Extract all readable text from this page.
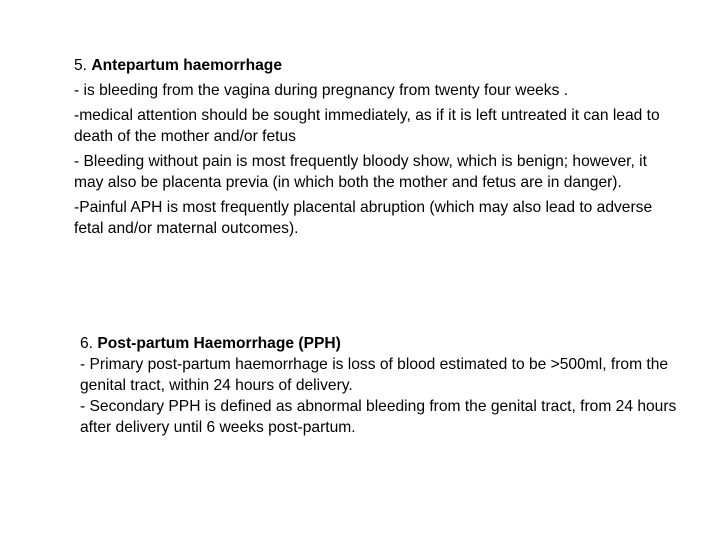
5. Antepartum haemorrhage

- is bleeding from the vagina during pregnancy from twenty four weeks .

-medical attention should be sought immediately, as if it is left untreated it can lead to death of the mother and/or fetus

- Bleeding without pain is most frequently bloody show, which is benign; however, it may also be placenta previa (in which both the mother and fetus are in danger).

-Painful APH is most frequently placental abruption (which may also lead to adverse fetal and/or maternal outcomes).

6. Post-partum Haemorrhage (PPH)

- Primary post-partum haemorrhage is loss of blood estimated to be >500ml, from the genital tract, within 24 hours of delivery.

- Secondary PPH is defined as abnormal bleeding from the genital tract, from 24 hours after delivery until 6 weeks post-partum.
